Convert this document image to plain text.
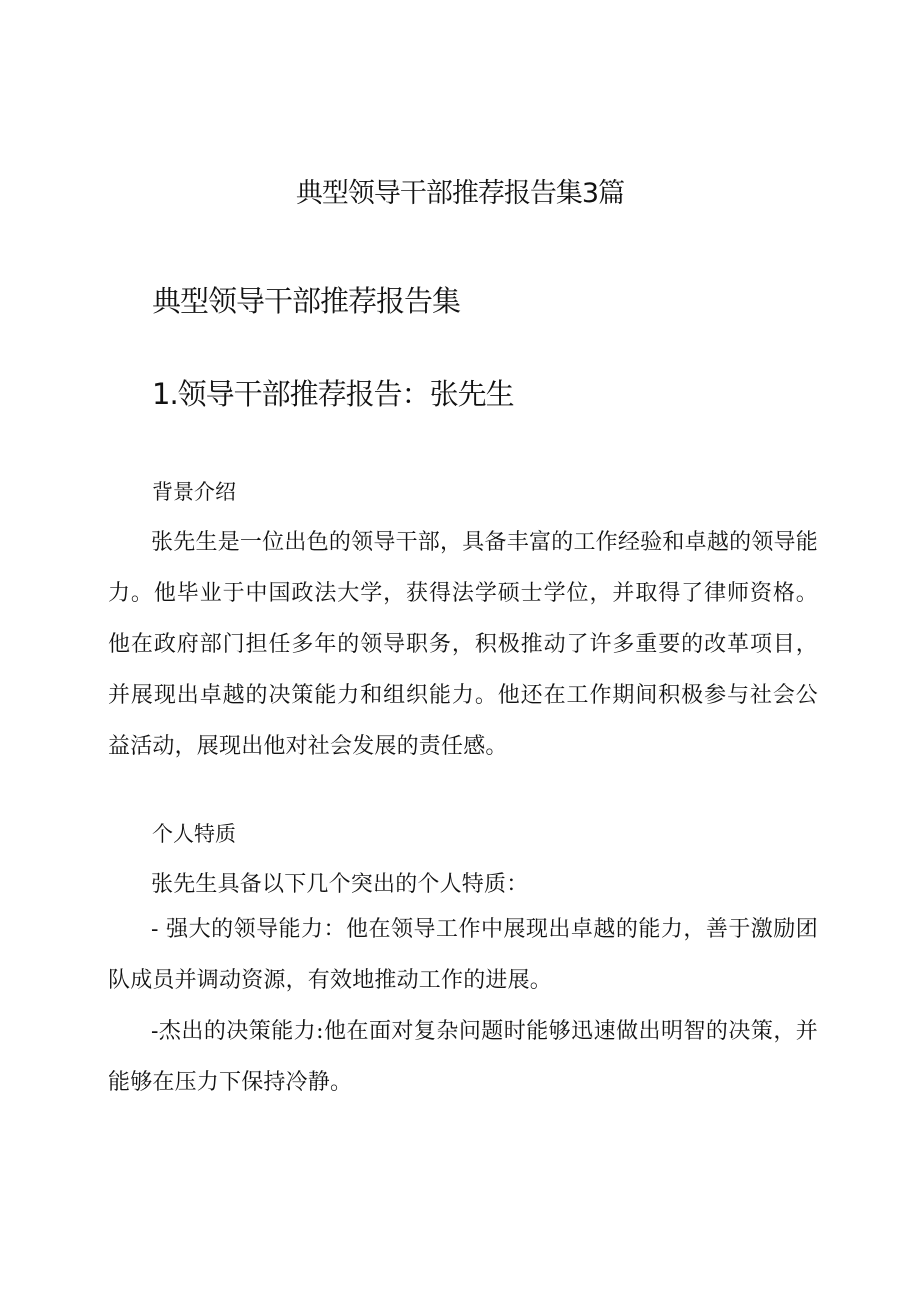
典型领导干部推荐报告集3篇
典型领导干部推荐报告集
1.领导干部推荐报告：张先生
背景介绍
张先生是一位出色的领导干部，具备丰富的工作经验和卓越的领导能力。他毕业于中国政法大学，获得法学硕士学位，并取得了律师资格。他在政府部门担任多年的领导职务，积极推动了许多重要的改革项目，并展现出卓越的决策能力和组织能力。他还在工作期间积极参与社会公益活动，展现出他对社会发展的责任感。
个人特质
张先生具备以下几个突出的个人特质：
- 强大的领导能力：他在领导工作中展现出卓越的能力，善于激励团队成员并调动资源，有效地推动工作的进展。
-杰出的决策能力:他在面对复杂问题时能够迅速做出明智的决策，并能够在压力下保持冷静。
